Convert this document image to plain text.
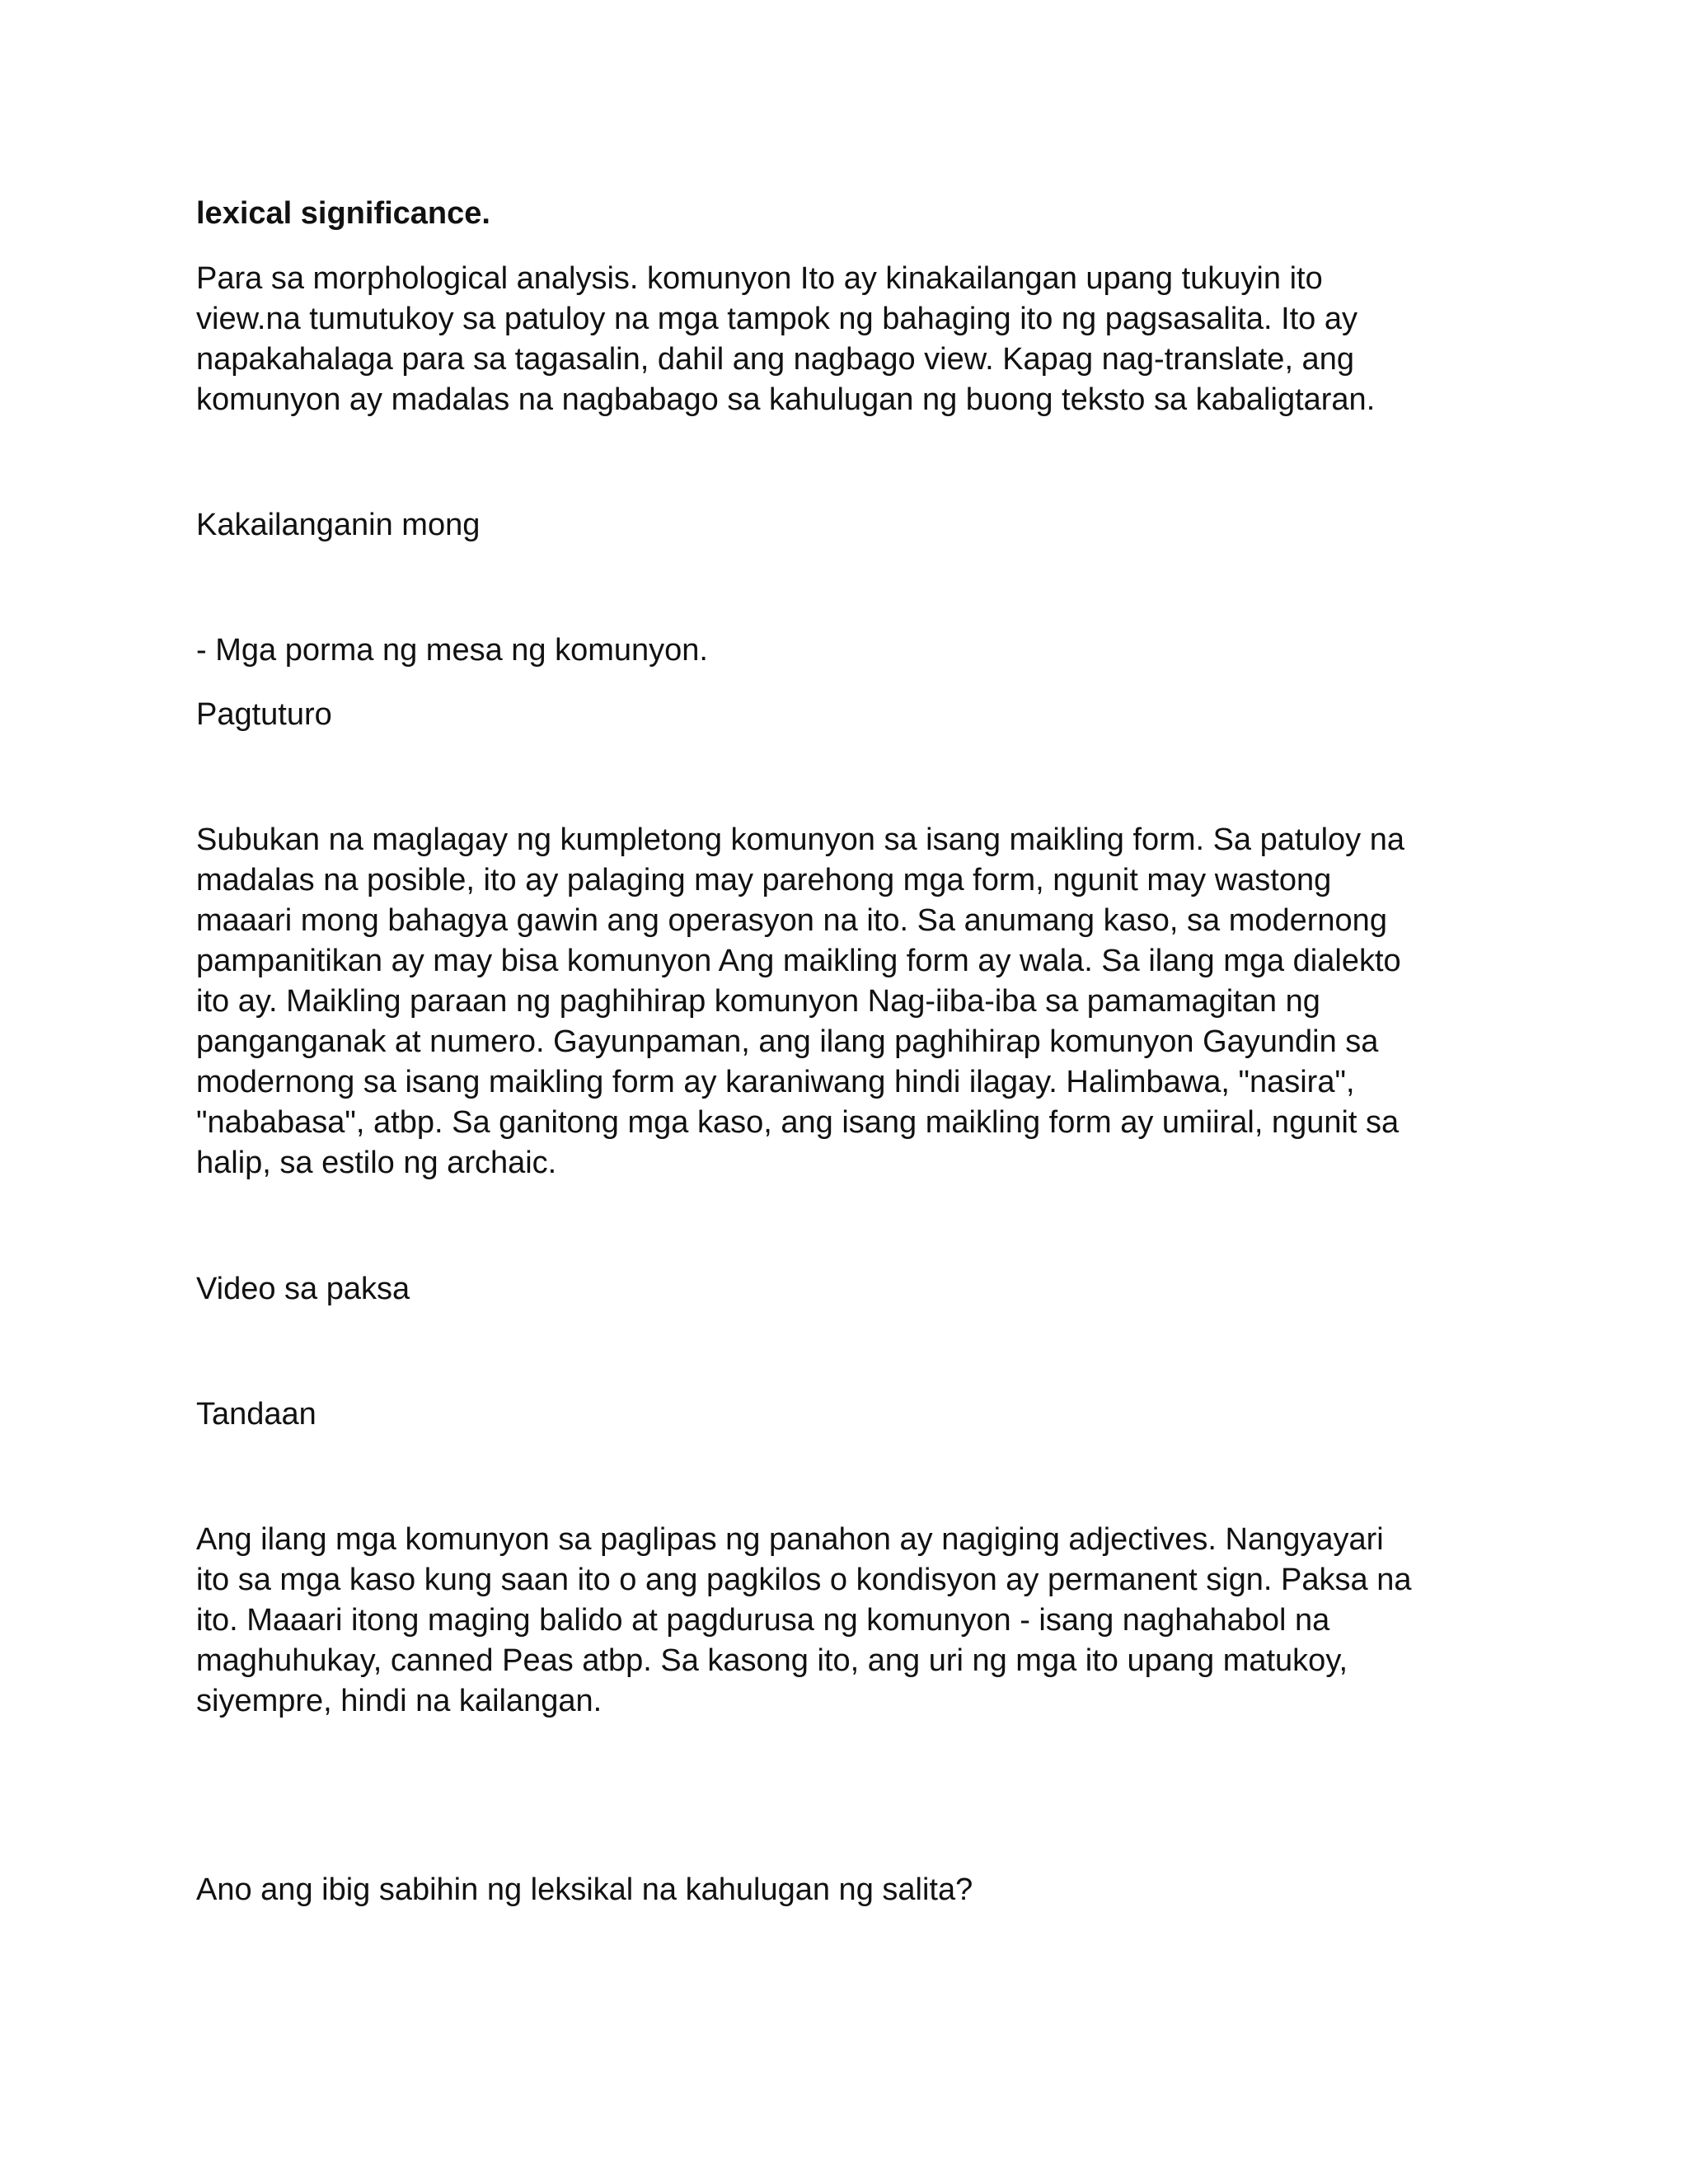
lexical significance.

Para sa morphological analysis. komunyon Ito ay kinakailangan upang tukuyin ito

view.na tumutukoy sa patuloy na mga tampok ng bahaging ito ng pagsasalita. Ito ay

napakahalaga para sa tagasalin, dahil ang nagbago view. Kapag nag-translate, ang

komunyon ay madalas na nagbabago sa kahulugan ng buong teksto sa kabaligtaran.

Kakailanganin mong

- Mga porma ng mesa ng komunyon.

Pagtuturo

Subukan na maglagay ng kumpletong komunyon sa isang maikling form. Sa patuloy na

madalas na posible, ito ay palaging may parehong mga form, ngunit may wastong

maaari mong bahagya gawin ang operasyon na ito. Sa anumang kaso, sa modernong

pampanitikan ay may bisa komunyon Ang maikling form ay wala. Sa ilang mga dialekto

ito ay. Maikling paraan ng paghihirap komunyon Nag-iiba-iba sa pamamagitan ng

panganganak at numero. Gayunpaman, ang ilang paghihirap komunyon Gayundin sa

modernong sa isang maikling form ay karaniwang hindi ilagay. Halimbawa, "nasira",

"nababasa", atbp. Sa ganitong mga kaso, ang isang maikling form ay umiiral, ngunit sa

halip, sa estilo ng archaic.

Video sa paksa

Tandaan

Ang ilang mga komunyon sa paglipas ng panahon ay nagiging adjectives. Nangyayari

ito sa mga kaso kung saan ito o ang pagkilos o kondisyon ay permanent sign. Paksa na

ito. Maaari itong maging balido at pagdurusa ng komunyon - isang naghahabol na

maghuhukay, canned Peas atbp. Sa kasong ito, ang uri ng mga ito upang matukoy,

siyempre, hindi na kailangan.

Ano ang ibig sabihin ng leksikal na kahulugan ng salita?
